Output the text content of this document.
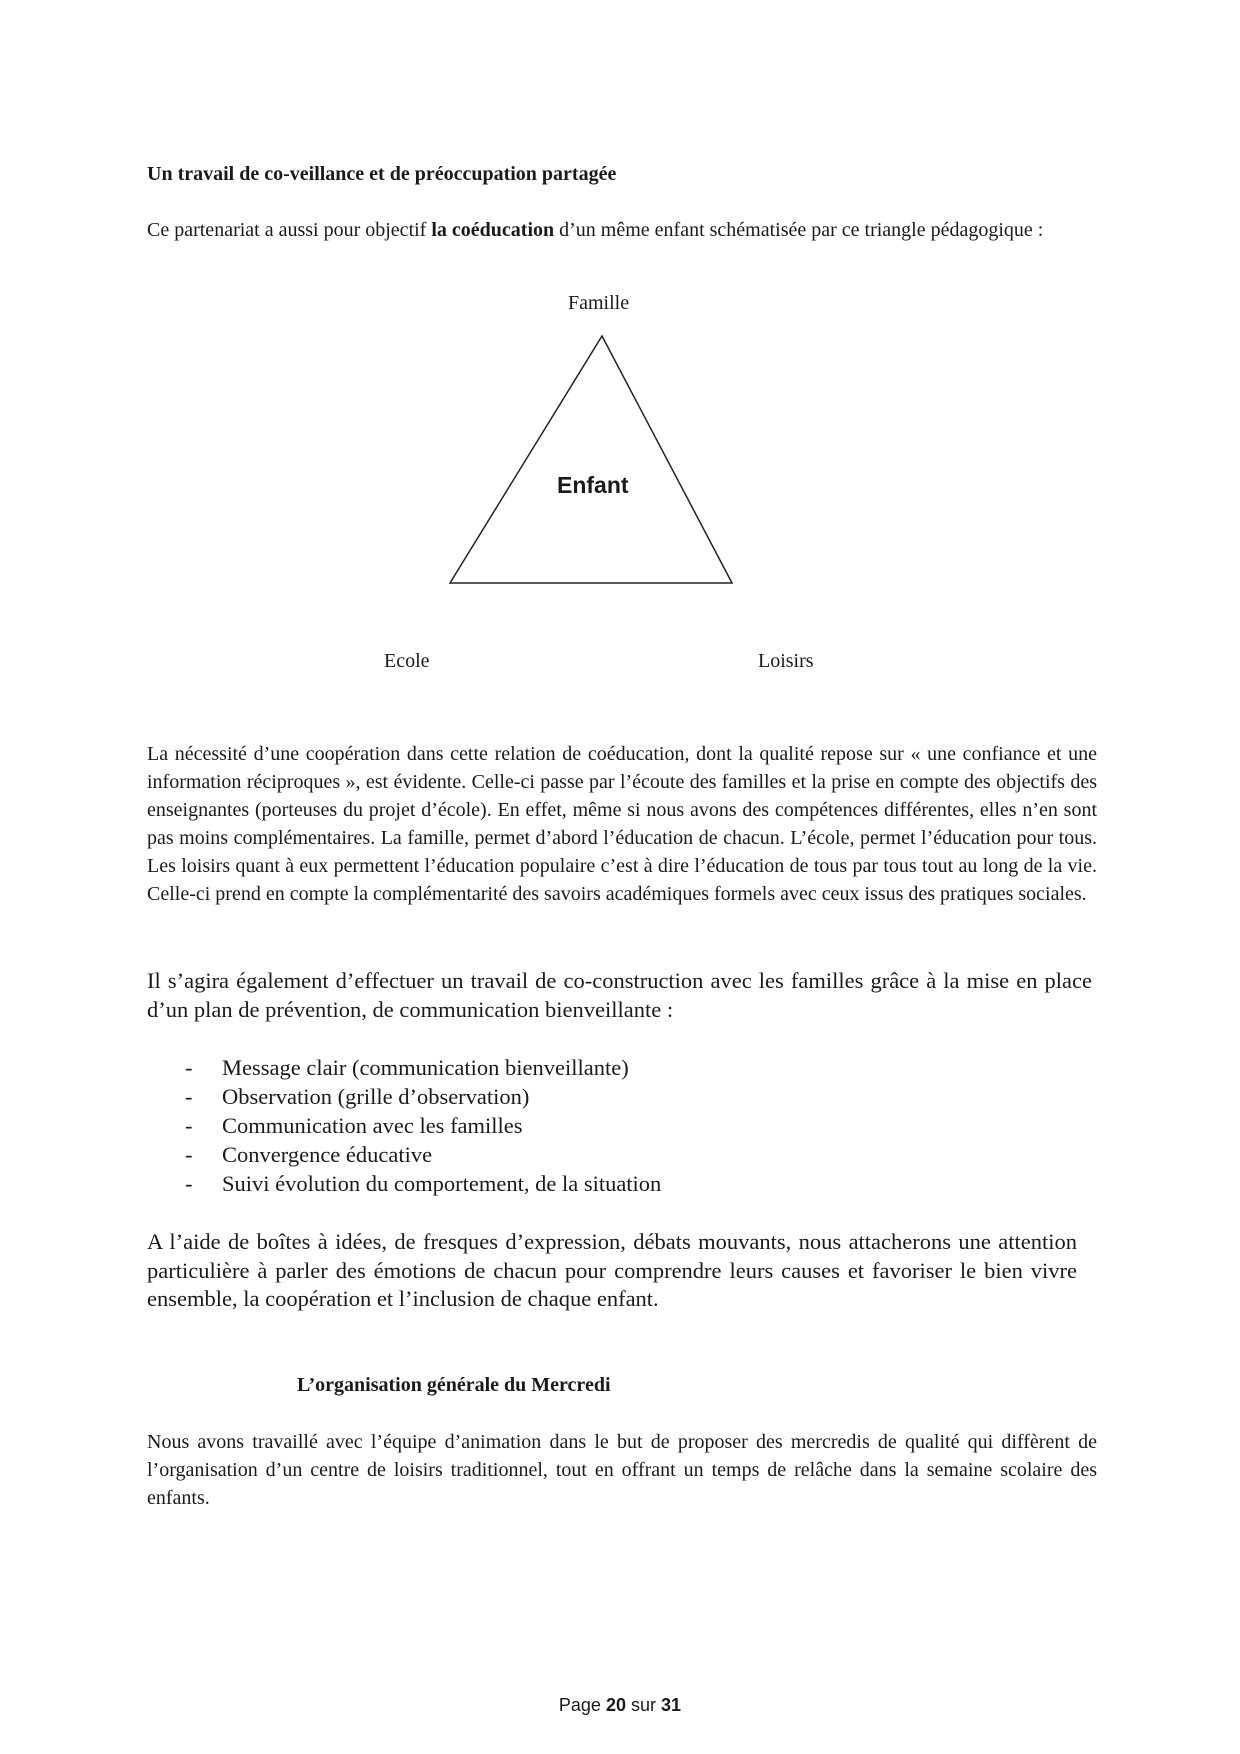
Un travail de co-veillance et de préoccupation partagée
Ce partenariat a aussi pour objectif la coéducation d’un même enfant schématisée par ce triangle pédagogique :
Famille
Enfant
Ecole	Loisirs
La nécessité d’une coopération dans cette relation de coéducation, dont la qualité repose sur « une confiance et une information réciproques », est évidente. Celle-ci passe par l’écoute des familles et la prise en compte des objectifs des enseignantes (porteuses du projet d’école). En effet, même si nous avons des compétences différentes, elles n’en sont pas moins complémentaires. La famille, permet d’abord l’éducation de chacun. L’école, permet l’éducation pour tous. Les loisirs quant à eux permettent l’éducation populaire c’est à dire l’éducation de tous par tous tout au long de la vie. Celle-ci prend en compte la complémentarité des savoirs académiques formels avec ceux issus des pratiques sociales.
Il s’agira également d’effectuer un travail de co-construction avec les familles grâce à la mise en place d’un plan de prévention, de communication bienveillante :
- Message clair (communication bienveillante)
- Observation (grille d’observation)
- Communication avec les familles
- Convergence éducative
- Suivi évolution du comportement, de la situation
A l’aide de boîtes à idées, de fresques d’expression, débats mouvants, nous attacherons une attention particulière à parler des émotions de chacun pour comprendre leurs causes et favoriser le bien vivre ensemble, la coopération et l’inclusion de chaque enfant.
L’organisation générale du Mercredi
Nous avons travaillé avec l’équipe d’animation dans le but de proposer des mercredis de qualité qui diffèrent de l’organisation d’un centre de loisirs traditionnel, tout en offrant un temps de relâche dans la semaine scolaire des enfants.
Page 20 sur 31
